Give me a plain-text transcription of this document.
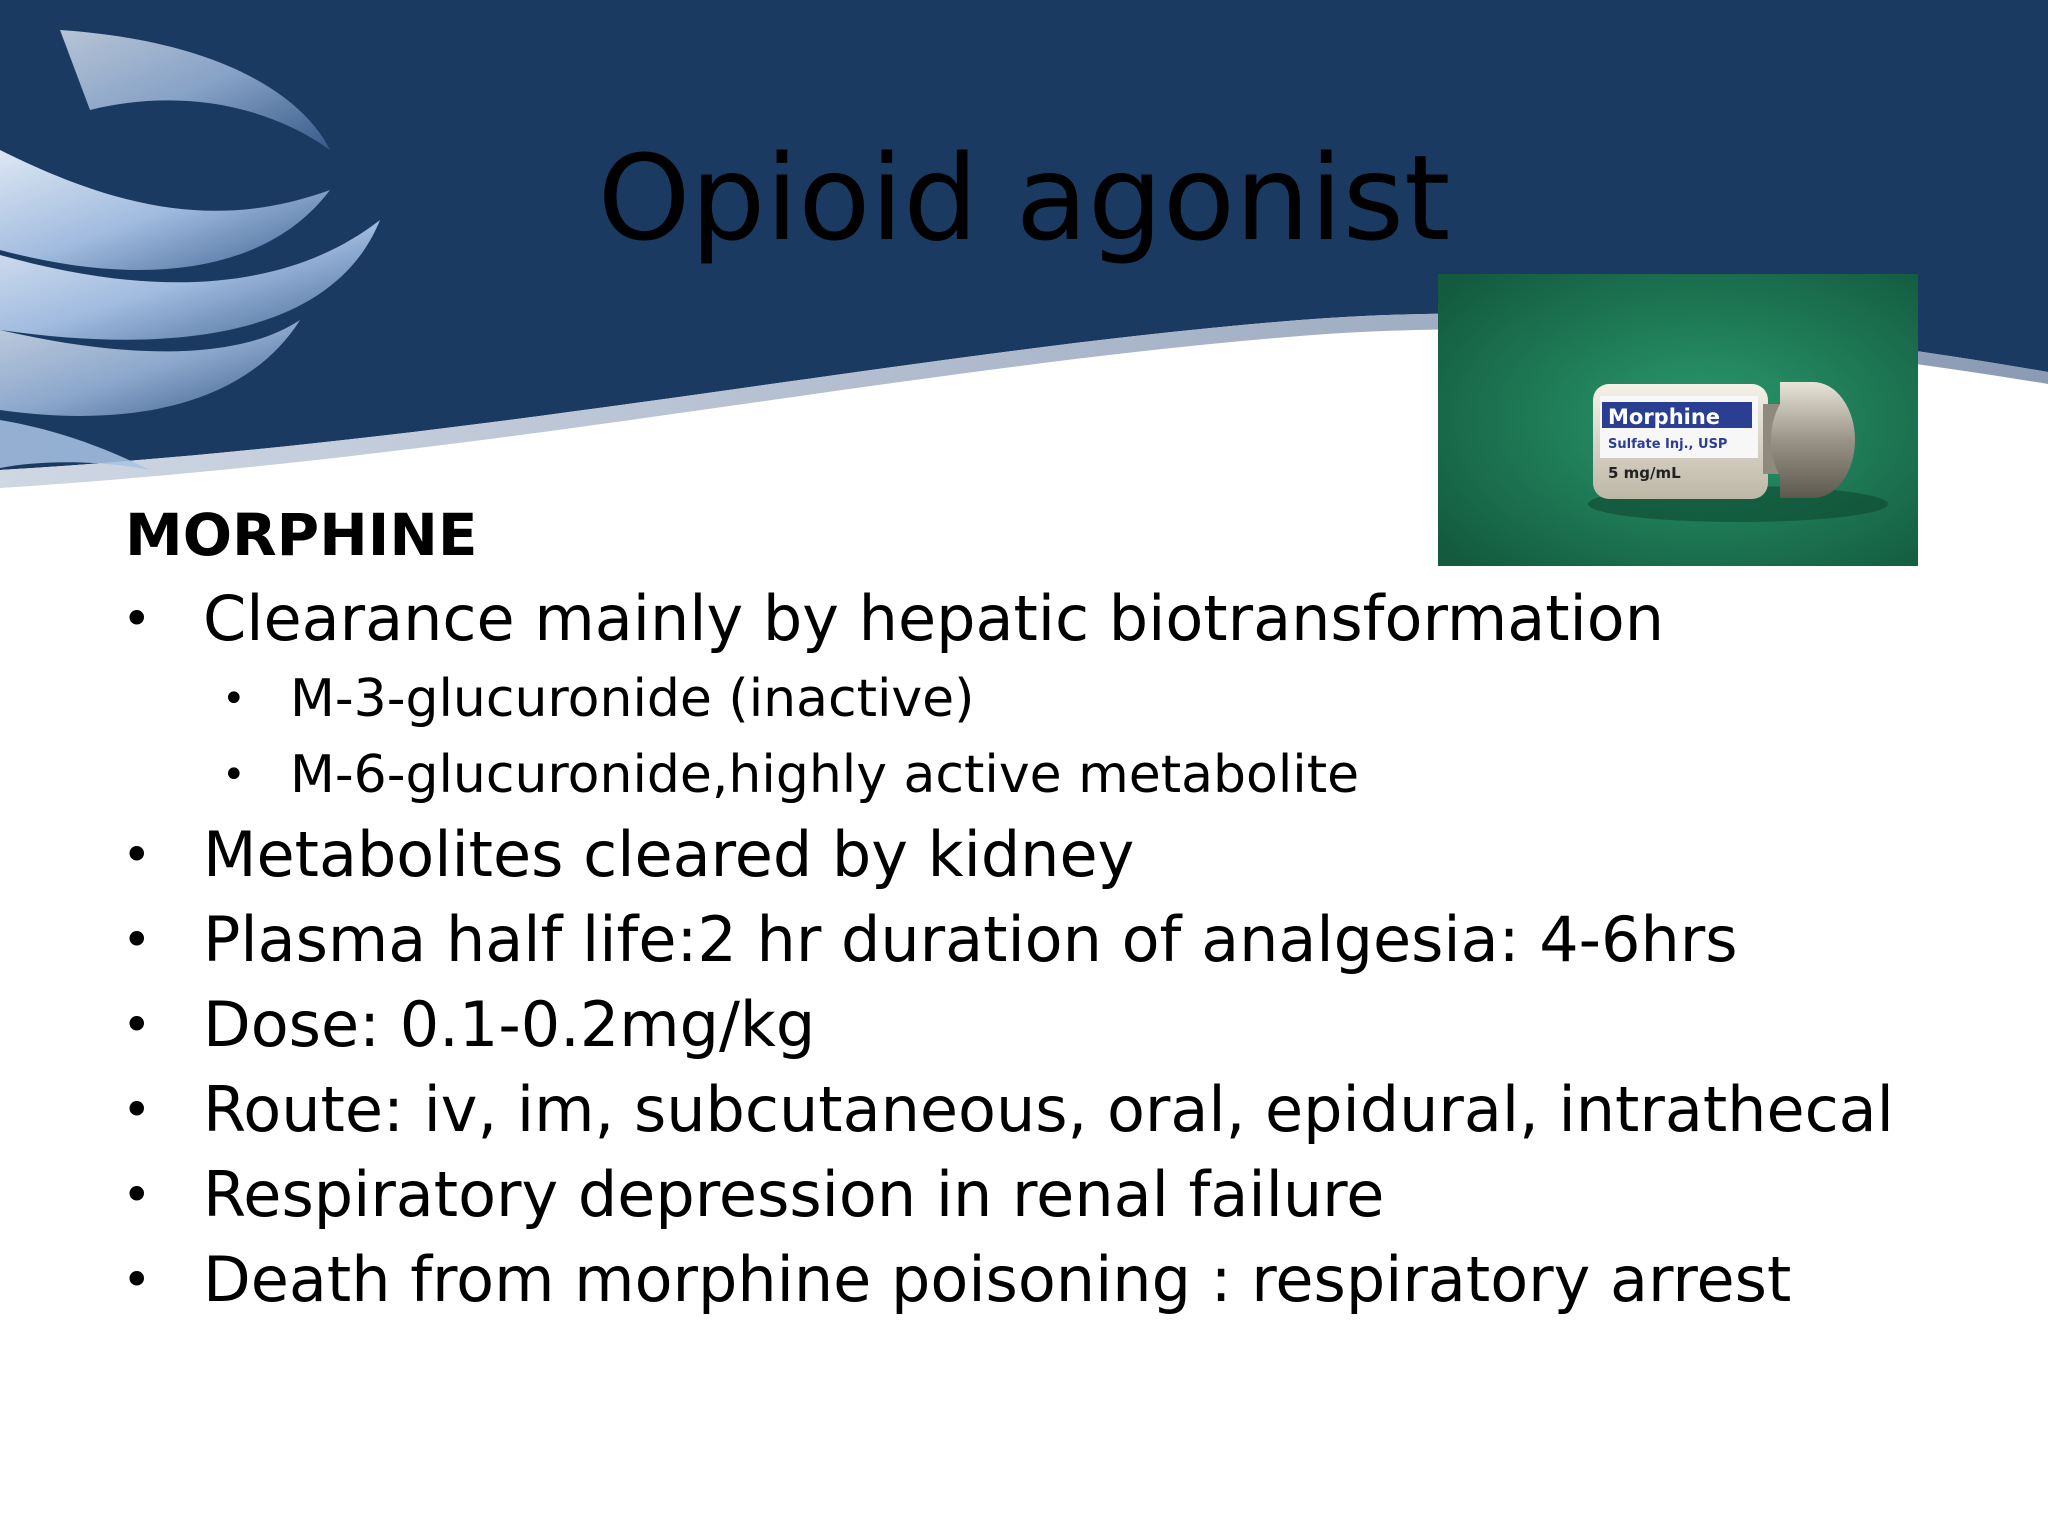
Opioid agonist
Morphine
Sulfate Inj., USP
5 mg/mL
MORPHINE
• Clearance mainly by hepatic biotransformation
• M-3-glucuronide (inactive)
• M-6-glucuronide,highly active metabolite
• Metabolites cleared by kidney
• Plasma half life:2 hr duration of analgesia: 4-6hrs
• Dose: 0.1-0.2mg/kg
• Route: iv, im, subcutaneous, oral, epidural, intrathecal
• Respiratory depression in renal failure
• Death from morphine poisoning : respiratory arrest
